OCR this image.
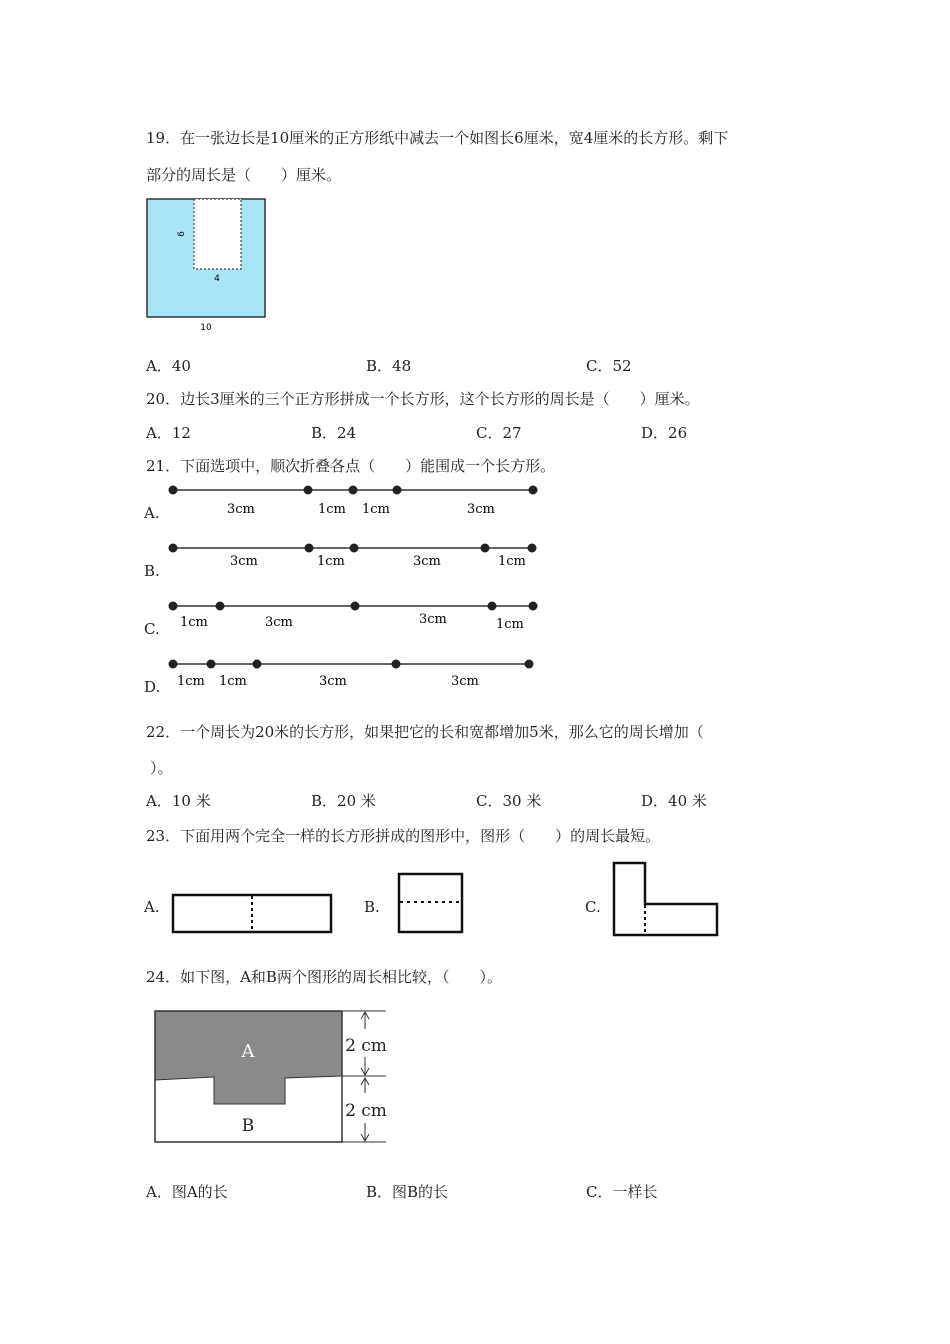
19．在一张边长是10厘米的正方形纸中减去一个如图长6厘米，宽4厘米的长方形。剩下
部分的周长是（　　）厘米。
6
4
10
A．40	B．48	C．52
20．边长3厘米的三个正方形拼成一个长方形，这个长方形的周长是（　　）厘米。
A．12	B．24	C．27	D．26
21．下面选项中，顺次折叠各点（　　）能围成一个长方形。
A.	3cm	1cm 1cm	3cm
B.
3cm	1cm	3cm	1cm
C. 1cm	3cm	3cm	1cm
D. 1cm 1cm	3cm	3cm
22．一个周长为20米的长方形，如果把它的长和宽都增加5米，那么它的周长增加（
）。
A．10 米	B．20 米	C．30 米	D．40 米
23．下面用两个完全一样的长方形拼成的图形中，图形（　　）的周长最短。
A.	B.	C.
24．如下图，A和B两个图形的周长相比较，（　　）。
A
B
2 cm
2 cm
A．图A的长	B．图B的长	C．一样长
